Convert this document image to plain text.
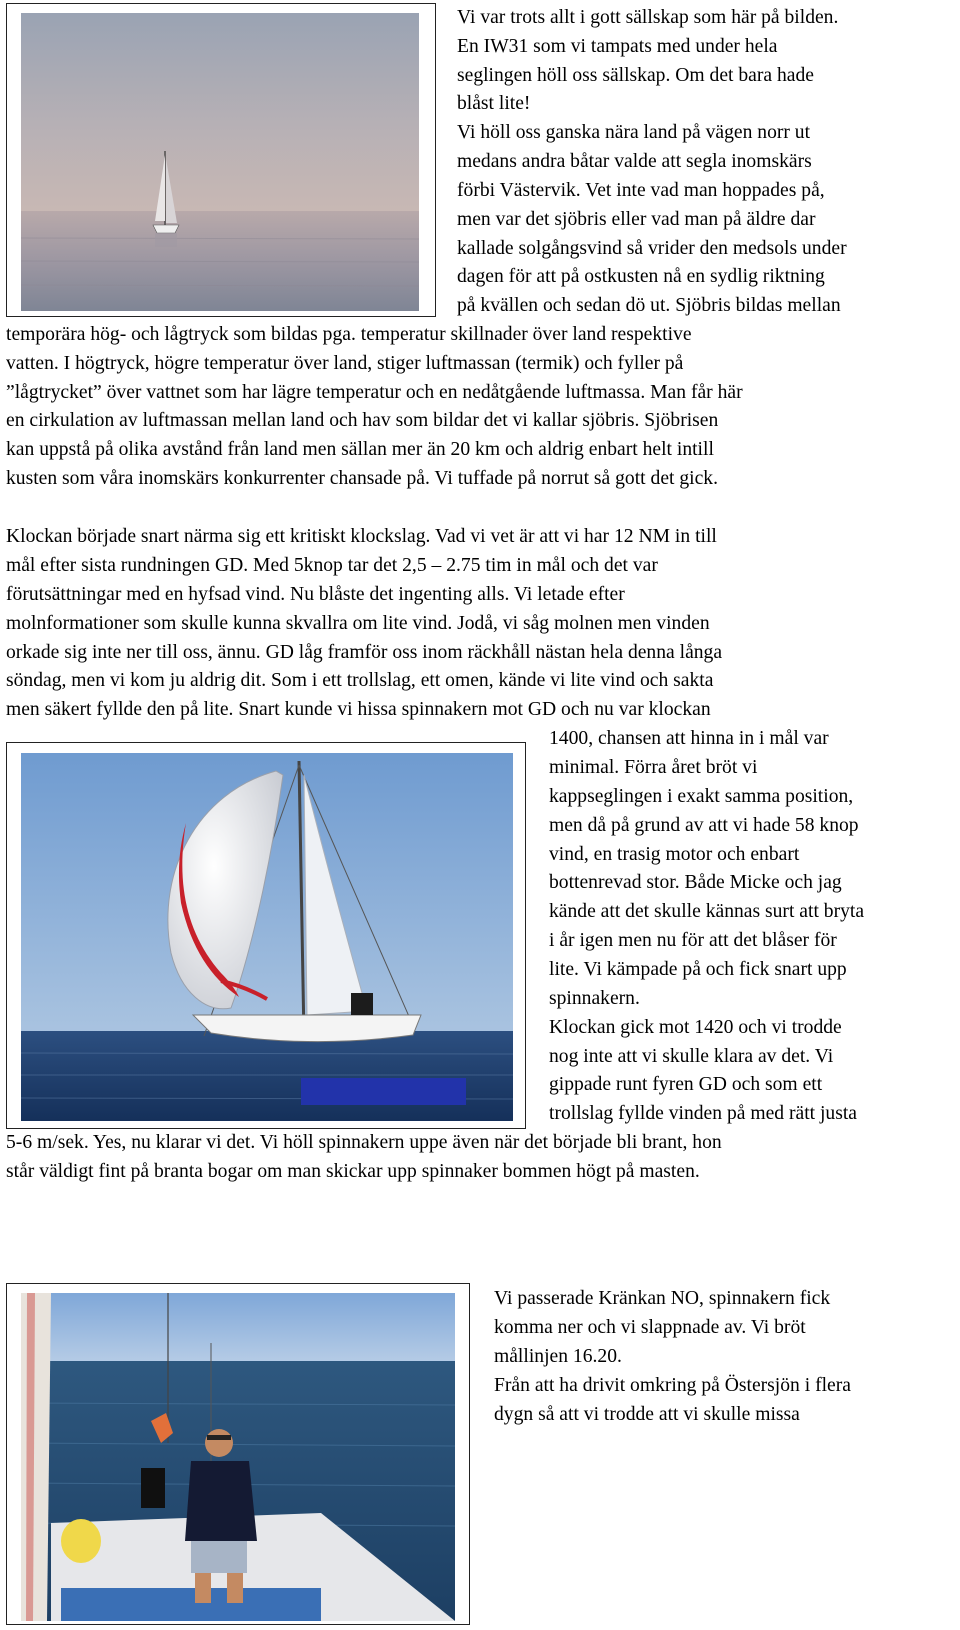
Vi var trots allt i gott sällskap som här på bilden.

En IW31 som vi tampats med under hela

seglingen höll oss sällskap. Om det bara hade

blåst lite!

Vi höll oss ganska nära land på vägen norr ut

medans andra båtar valde att segla inomskärs

förbi Västervik. Vet inte vad man hoppades på,

men var det sjöbris eller vad man på äldre dar

kallade solgångsvind så vrider den medsols under

dagen för att på ostkusten nå en sydlig riktning

på kvällen och sedan dö ut. Sjöbris bildas mellan

temporära hög- och lågtryck som bildas pga. temperatur skillnader över land respektive

vatten. I högtryck, högre temperatur över land, stiger luftmassan (termik) och fyller på

”lågtrycket” över vattnet som har lägre temperatur och en nedåtgående luftmassa. Man får här

en cirkulation av luftmassan mellan land och hav som bildar det vi kallar sjöbris. Sjöbrisen

kan uppstå på olika avstånd från land men sällan mer än 20 km och aldrig enbart helt intill

kusten som våra inomskärs konkurrenter chansade på. Vi tuffade på norrut så gott det gick.

Klockan började snart närma sig ett kritiskt klockslag. Vad vi vet är att vi har 12 NM in till

mål efter sista rundningen GD. Med 5knop tar det 2,5 – 2.75 tim in mål och det var

förutsättningar med en hyfsad vind. Nu blåste det ingenting alls. Vi letade efter

molnformationer som skulle kunna skvallra om lite vind. Jodå, vi såg molnen men vinden

orkade sig inte ner till oss, ännu. GD låg framför oss inom räckhåll nästan hela denna långa

söndag, men vi kom ju aldrig dit. Som i ett trollslag, ett omen, kände vi lite vind och sakta

men säkert fyllde den på lite. Snart kunde vi hissa spinnakern mot GD och nu var klockan

1400, chansen att hinna in i mål var

minimal. Förra året bröt vi

kappseglingen i exakt samma position,

men då på grund av att vi hade 58 knop

vind, en trasig motor och enbart

bottenrevad stor. Både Micke och jag

kände att det skulle kännas surt att bryta

i år igen men nu för att det blåser för

lite. Vi kämpade på och fick snart upp

spinnakern.

Klockan gick mot 1420 och vi trodde

nog inte att vi skulle klara av det. Vi

gippade runt fyren GD och som ett

trollslag fyllde vinden på med rätt justa

5-6 m/sek. Yes, nu klarar vi det. Vi höll spinnakern uppe även när det började bli brant, hon

står väldigt fint på branta bogar om man skickar upp spinnaker bommen högt på masten.

Vi passerade Kränkan NO, spinnakern fick

komma ner och vi slappnade av. Vi bröt

mållinjen 16.20.

Från att ha drivit omkring på Östersjön i flera

dygn så att vi trodde att vi skulle missa
